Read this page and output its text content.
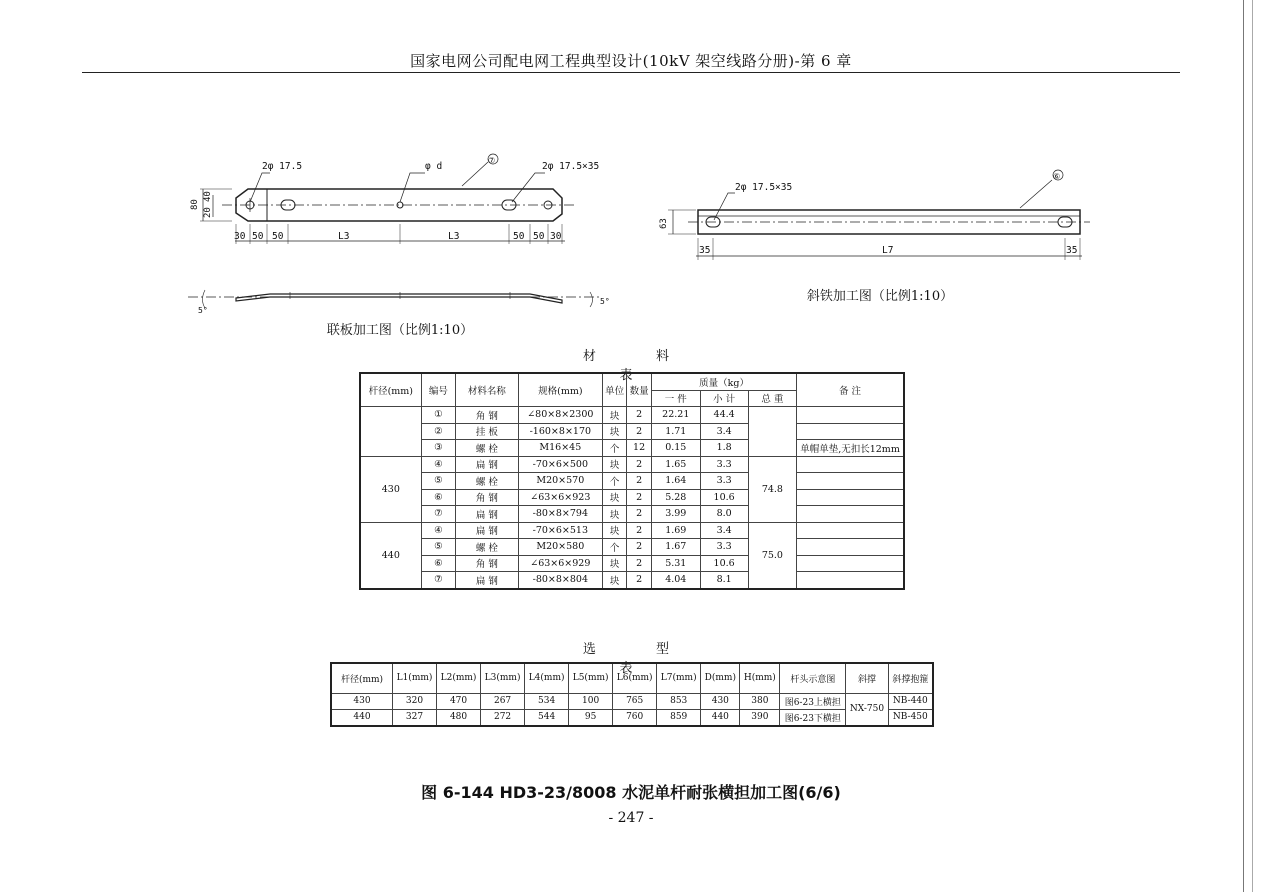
国家电网公司配电网工程典型设计(10kV 架空线路分册)-第 6 章
2φ 17.5	φ d
⑦
2φ 17.5×35
80
20
40
30 50 50	L3	L3	50 50 30
5°
5°
2φ 17.5×35
⑥
63
35	L7	35
联板加工图（比例1:10）
斜铁加工图（比例1:10）
材 料 表
杆径(mm)	编号	材料名称	规格(mm)	单位	数量	质量（kg）			备 注
						一 件	小 计	总 重	
	①	角 钢	∠80×8×2300	块	2	22.21	44.4		
	②	挂 板	-160×8×170	块	2	1.71	3.4		
	③	螺 栓	M16×45	个	12	0.15	1.8		单帽单垫,无扣长12mm
430	④	扁 钢	-70×6×500	块	2	1.65	3.3	74.8	
	⑤	螺 栓	M20×570	个	2	1.64	3.3		
	⑥	角 钢	∠63×6×923	块	2	5.28	10.6		
	⑦	扁 钢	-80×8×794	块	2	3.99	8.0		
440	④	扁 钢	-70×6×513	块	2	1.69	3.4	75.0	
	⑤	螺 栓	M20×580	个	2	1.67	3.3		
	⑥	角 钢	∠63×6×929	块	2	5.31	10.6		
	⑦	扁 钢	-80×8×804	块	2	4.04	8.1		
选 型 表
杆径(mm)	L1(mm)	L2(mm)	L3(mm)	L4(mm)	L5(mm)	L6(mm)	L7(mm)	D(mm)	H(mm)	杆头示意图	斜撑	斜撑抱箍
430	320	470	267	534	100	765	853	430	380	图6-23上横担	NX-750	NB-440
440	327	480	272	544	95	760	859	440	390	图6-23下横担		NB-450
图 6-144 HD3-23/8008 水泥单杆耐张横担加工图(6/6)
- 247 -
